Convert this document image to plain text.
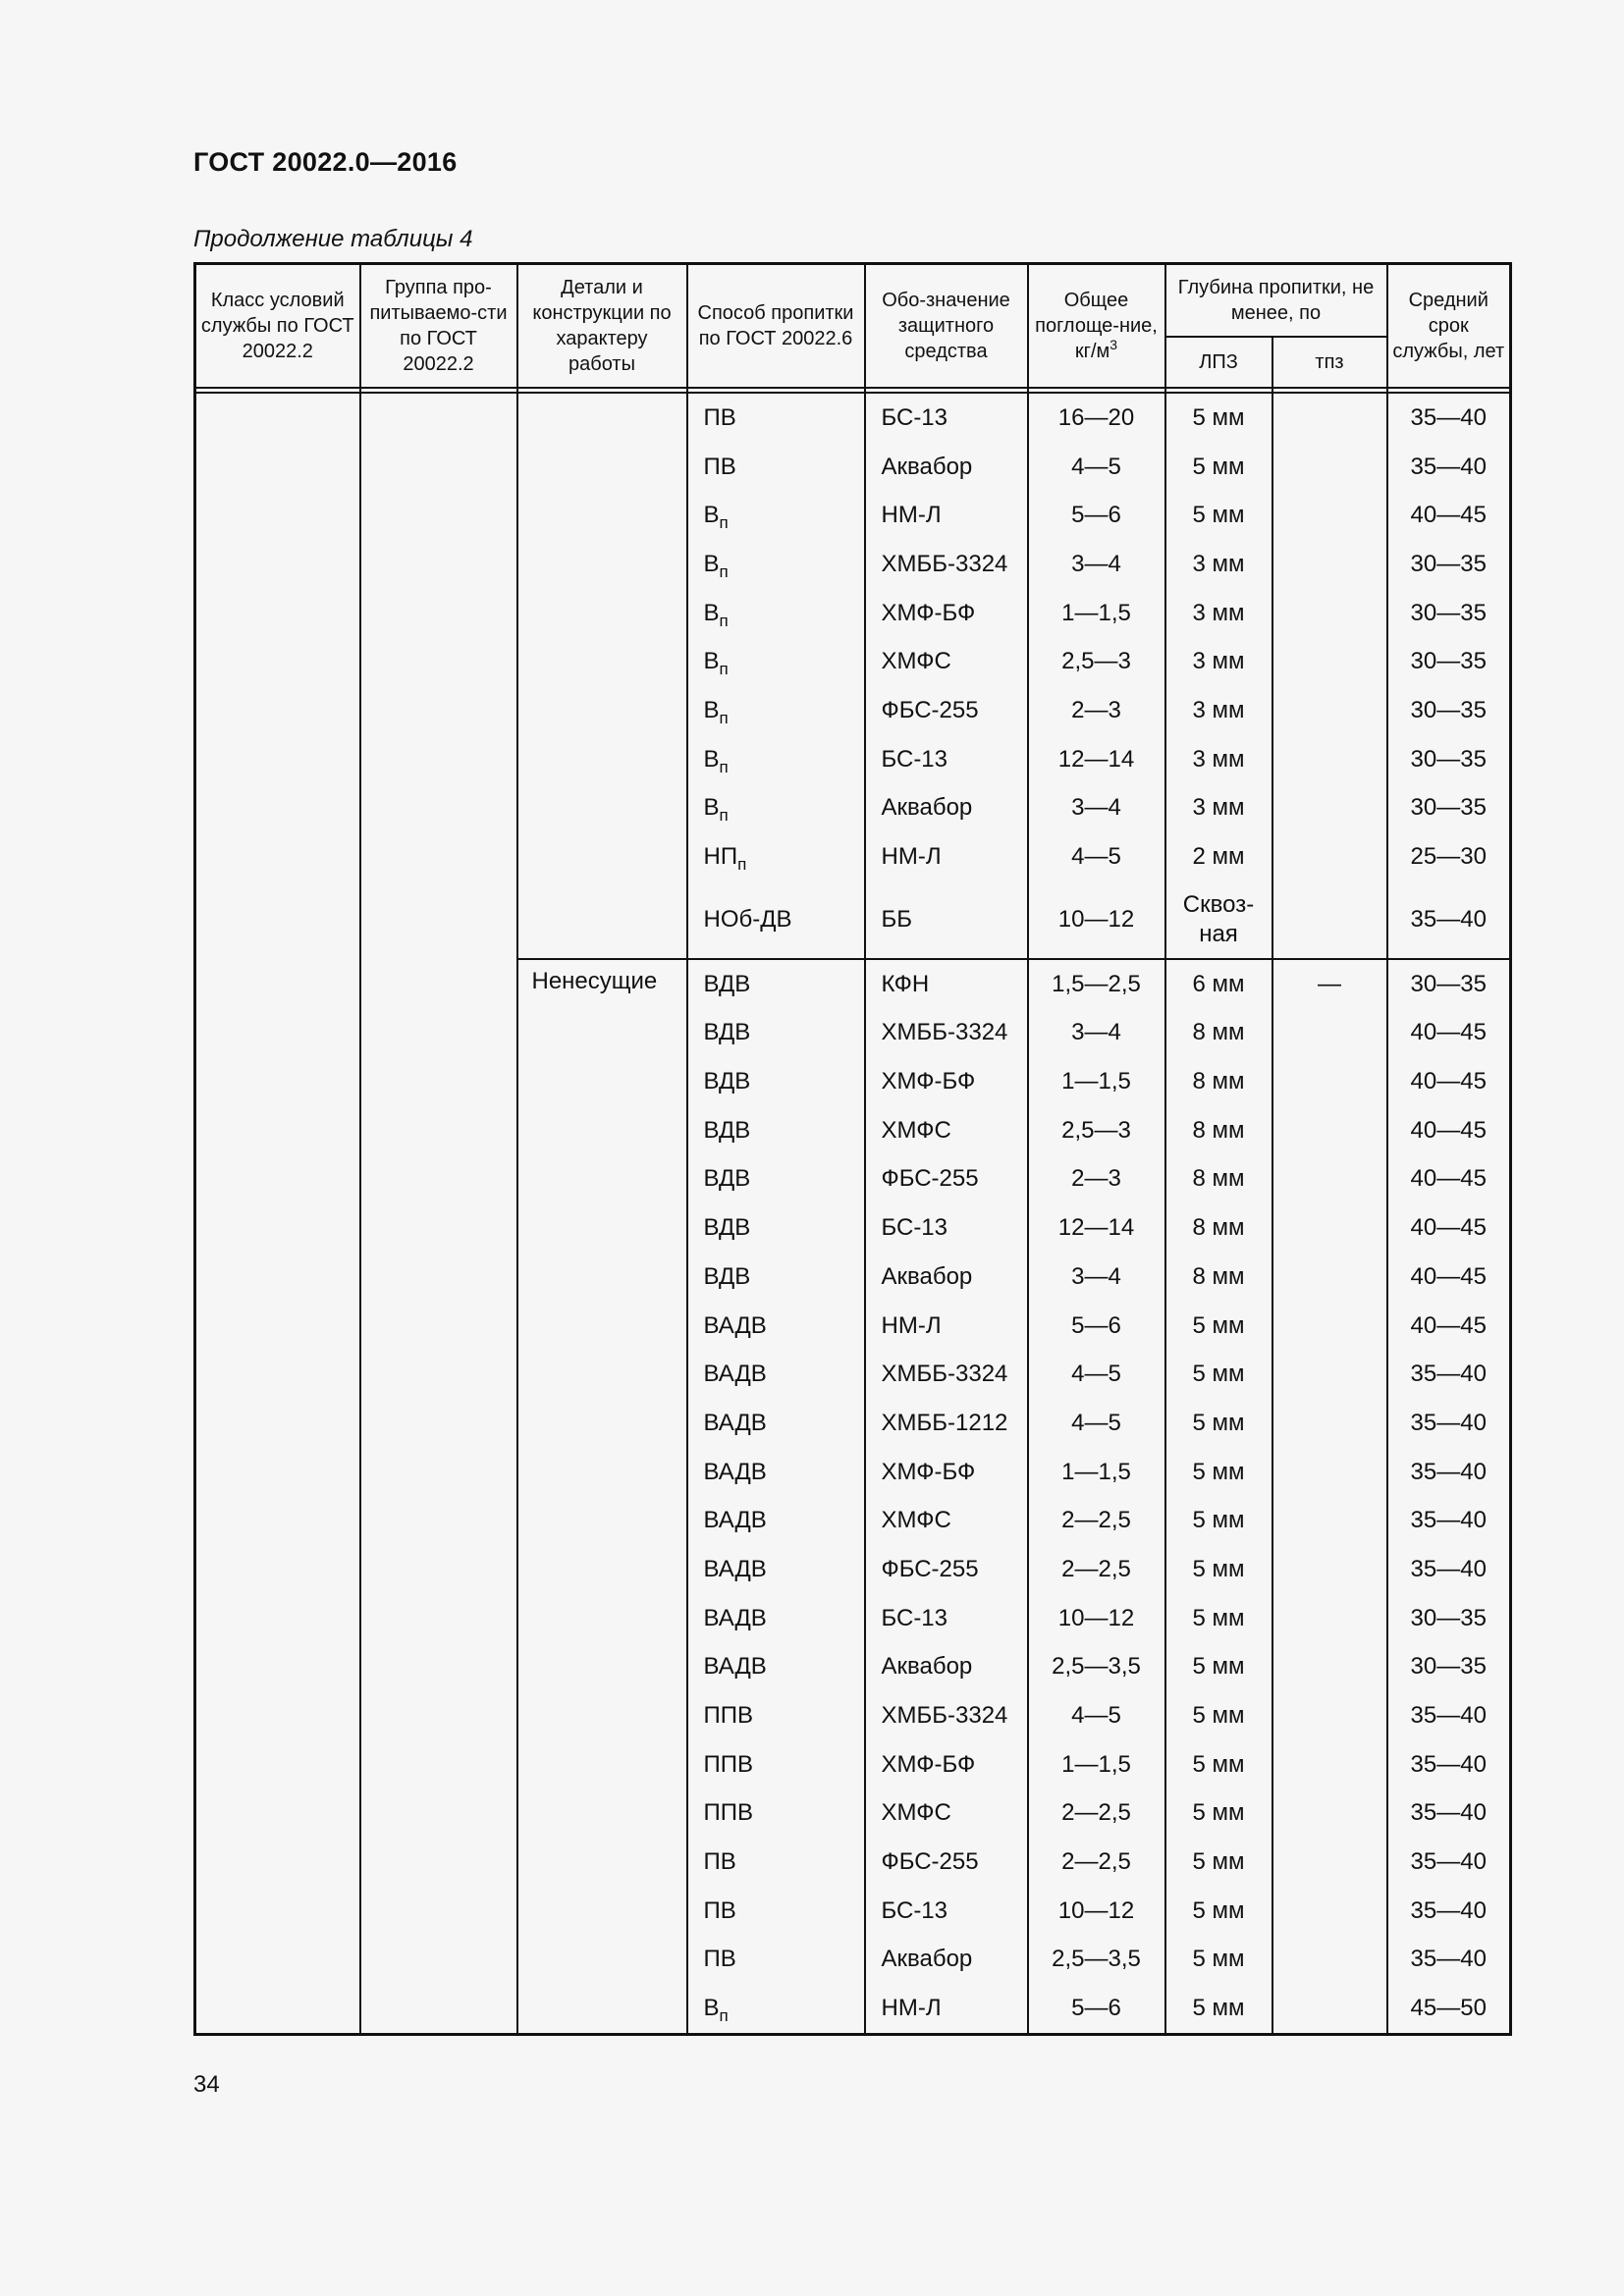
ГОСТ 20022.0—2016
Продолжение таблицы 4
Класс условий службы по ГОСТ 20022.2	Группа про-питываемо-сти по ГОСТ 20022.2	Детали и конструкции по характеру работы	Способ пропитки по ГОСТ 20022.6	Обо-значение защитного средства	Общее поглоще-ние, $кг/м^3$	Глубина пропитки, не менее, по		Средний срок службы, лет
						ЛПЗ	тпз	

			ПВ	БС-13	16—20	5 мм		35—40
			ПВ	Аквабор	4—5	5 мм		35—40
			$В_п$	НМ-Л	5—6	5 мм		40—45
			$В_п$	ХМББ-3324	3—4	3 мм		30—35
			$В_п$	ХМФ-БФ	1—1,5	3 мм		30—35
			$В_п$	ХМФС	2,5—3	3 мм		30—35
			$В_п$	ФБС-255	2—3	3 мм		30—35
			$В_п$	БС-13	12—14	3 мм		30—35
			$В_п$	Аквабор	3—4	3 мм		30—35
			$НП_п$	НМ-Л	4—5	2 мм		25—30
			НОб-ДВ	ББ	10—12	Сквоз-ная		35—40
		Ненесущие	ВДВ	КФН	1,5—2,5	6 мм	—	30—35
			ВДВ	ХМББ-3324	3—4	8 мм		40—45
			ВДВ	ХМФ-БФ	1—1,5	8 мм		40—45
			ВДВ	ХМФС	2,5—3	8 мм		40—45
			ВДВ	ФБС-255	2—3	8 мм		40—45
			ВДВ	БС-13	12—14	8 мм		40—45
			ВДВ	Аквабор	3—4	8 мм		40—45
			ВАДВ	НМ-Л	5—6	5 мм		40—45
			ВАДВ	ХМББ-3324	4—5	5 мм		35—40
			ВАДВ	ХМББ-1212	4—5	5 мм		35—40
			ВАДВ	ХМФ-БФ	1—1,5	5 мм		35—40
			ВАДВ	ХМФС	2—2,5	5 мм		35—40
			ВАДВ	ФБС-255	2—2,5	5 мм		35—40
			ВАДВ	БС-13	10—12	5 мм		30—35
			ВАДВ	Аквабор	2,5—3,5	5 мм		30—35
			ППВ	ХМББ-3324	4—5	5 мм		35—40
			ППВ	ХМФ-БФ	1—1,5	5 мм		35—40
			ППВ	ХМФС	2—2,5	5 мм		35—40
			ПВ	ФБС-255	2—2,5	5 мм		35—40
			ПВ	БС-13	10—12	5 мм		35—40
			ПВ	Аквабор	2,5—3,5	5 мм		35—40
			$В_п$	НМ-Л	5—6	5 мм		45—50
34
